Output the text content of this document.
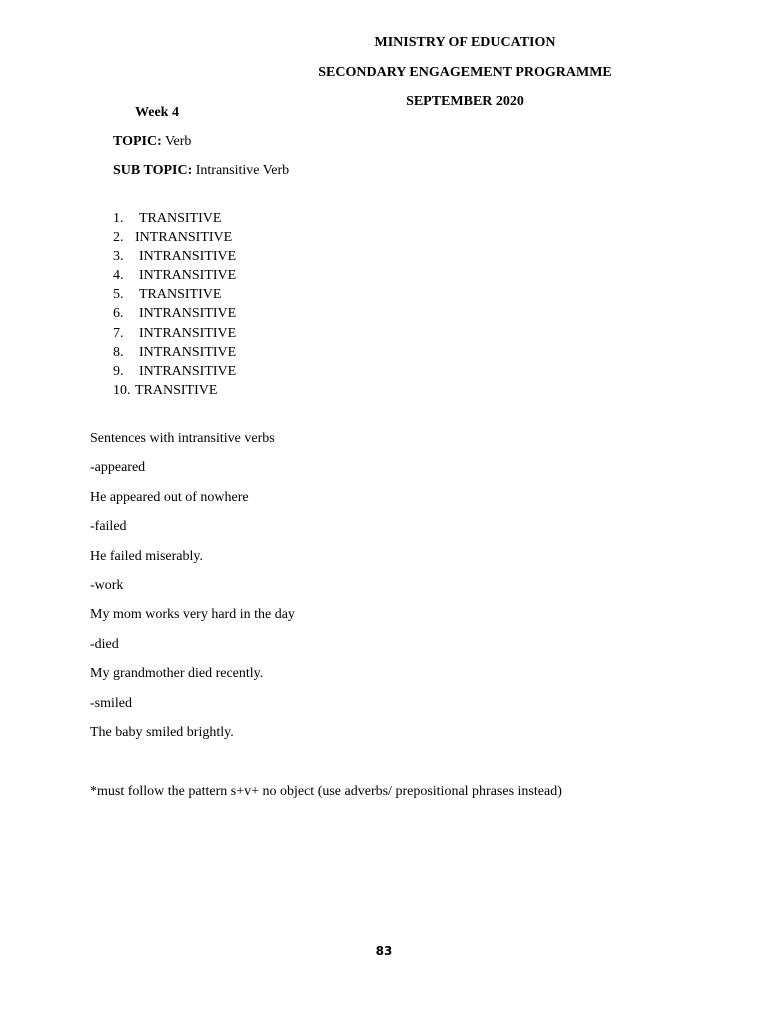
MINISTRY OF EDUCATION
SECONDARY ENGAGEMENT PROGRAMME
SEPTEMBER 2020
Week 4
TOPIC: Verb
SUB TOPIC: Intransitive Verb
1. TRANSITIVE
2. INTRANSITIVE
3. INTRANSITIVE
4. INTRANSITIVE
5. TRANSITIVE
6. INTRANSITIVE
7. INTRANSITIVE
8. INTRANSITIVE
9. INTRANSITIVE
10. TRANSITIVE
Sentences with intransitive verbs
-appeared
He appeared out of nowhere
-failed
He failed miserably.
-work
My mom works very hard in the day
-died
My grandmother died recently.
-smiled
The baby smiled brightly.
*must follow the pattern s+v+ no object (use adverbs/ prepositional phrases instead)
83
